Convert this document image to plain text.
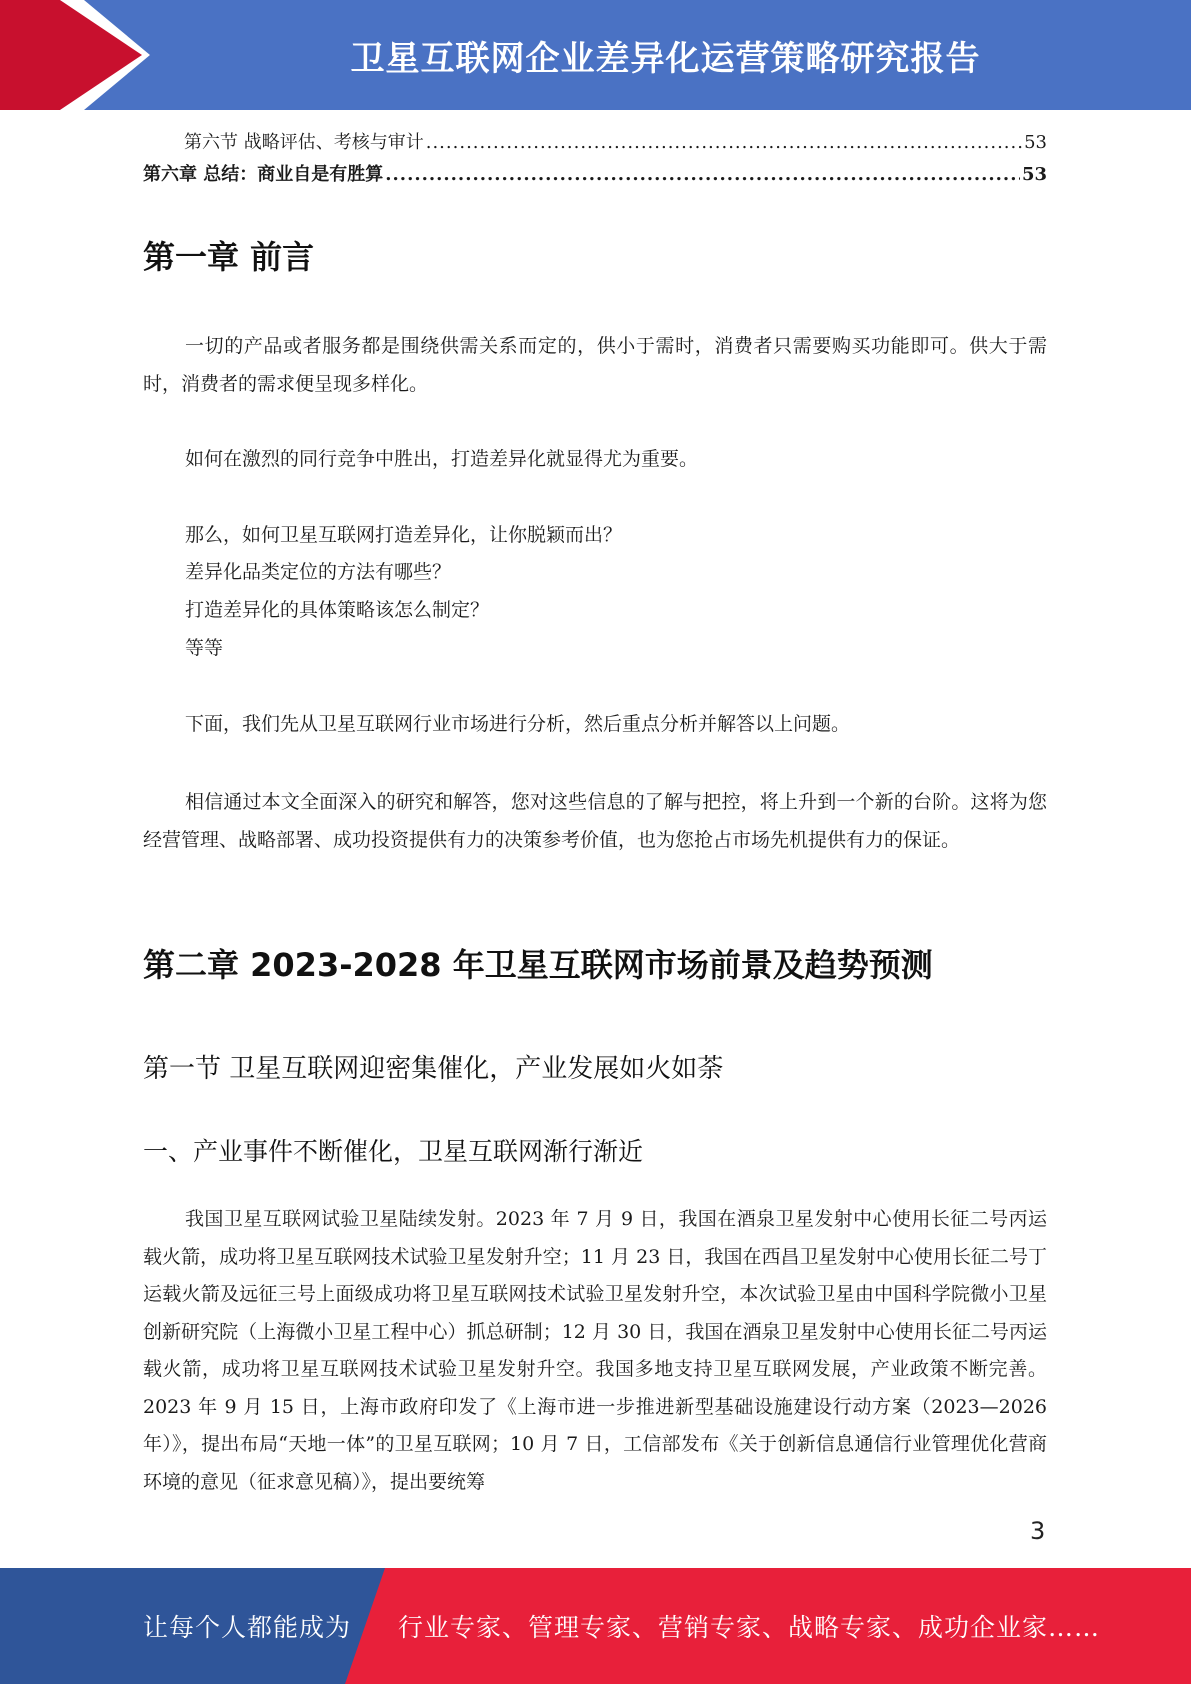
卫星互联网企业差异化运营策略研究报告
第六节 战略评估、考核与审计 .....	53
第六章 总结：商业自是有胜算 .....	53
第一章 前言
一切的产品或者服务都是围绕供需关系而定的，供小于需时，消费者只需要购买功能即可。供大于需时，消费者的需求便呈现多样化。
如何在激烈的同行竞争中胜出，打造差异化就显得尤为重要。
那么，如何卫星互联网打造差异化，让你脱颖而出？
差异化品类定位的方法有哪些？
打造差异化的具体策略该怎么制定？
等等
下面，我们先从卫星互联网行业市场进行分析，然后重点分析并解答以上问题。
相信通过本文全面深入的研究和解答，您对这些信息的了解与把控，将上升到一个新的台阶。这将为您经营管理、战略部署、成功投资提供有力的决策参考价值，也为您抢占市场先机提供有力的保证。
第二章 2023-2028 年卫星互联网市场前景及趋势预测
第一节 卫星互联网迎密集催化，产业发展如火如荼
一、产业事件不断催化，卫星互联网渐行渐近
我国卫星互联网试验卫星陆续发射。2023 年 7 月 9 日，我国在酒泉卫星发射中心使用长征二号丙运载火箭，成功将卫星互联网技术试验卫星发射升空；11 月 23 日，我国在西昌卫星发射中心使用长征二号丁运载火箭及远征三号上面级成功将卫星互联网技术试验卫星发射升空，本次试验卫星由中国科学院微小卫星创新研究院（上海微小卫星工程中心）抓总研制；12 月 30 日，我国在酒泉卫星发射中心使用长征二号丙运载火箭，成功将卫星互联网技术试验卫星发射升空。我国多地支持卫星互联网发展，产业政策不断完善。2023 年 9 月 15 日，上海市政府印发了《上海市进一步推进新型基础设施建设行动方案（2023—2026 年）》，提出布局“天地一体”的卫星互联网；10 月 7 日，工信部发布《关于创新信息通信行业管理优化营商环境的意见（征求意见稿）》，提出要统筹
3
让每个人都能成为 行业专家、管理专家、营销专家、战略专家、成功企业家……
